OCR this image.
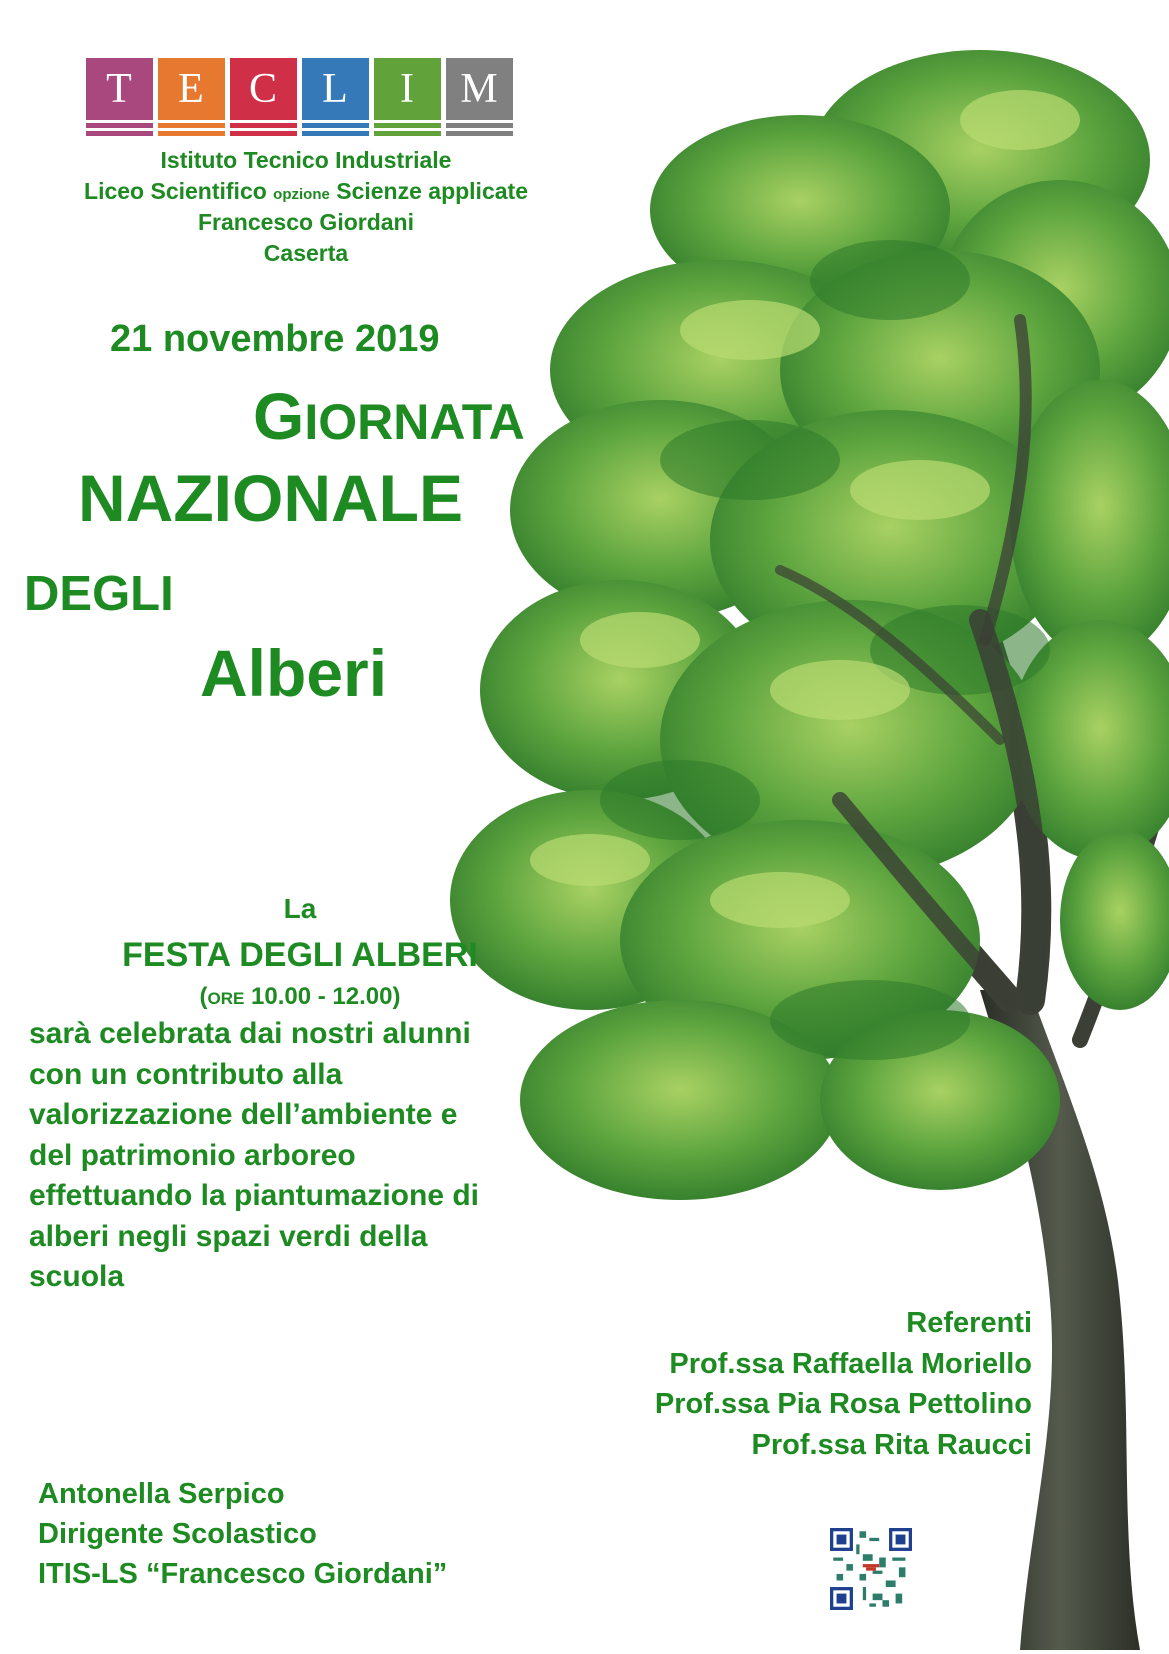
T	E	C	L	I	M
Istituto Tecnico Industriale
Liceo Scientifico opzione Scienze applicate
Francesco Giordani
Caserta
21 novembre 2019
GIORNATA
NAZIONALE
DEGLI
Alberi
La
FESTA DEGLI ALBERI
(ORE 10.00 - 12.00)
sarà celebrata dai nostri alunni
con un contributo alla
valorizzazione dell’ambiente e
del patrimonio arboreo
effettuando la piantumazione di
alberi negli spazi verdi della
scuola
Referenti
Prof.ssa Raffaella Moriello
Prof.ssa Pia Rosa Pettolino
Prof.ssa Rita Raucci
Antonella Serpico
Dirigente Scolastico
ITIS-LS “Francesco Giordani”
